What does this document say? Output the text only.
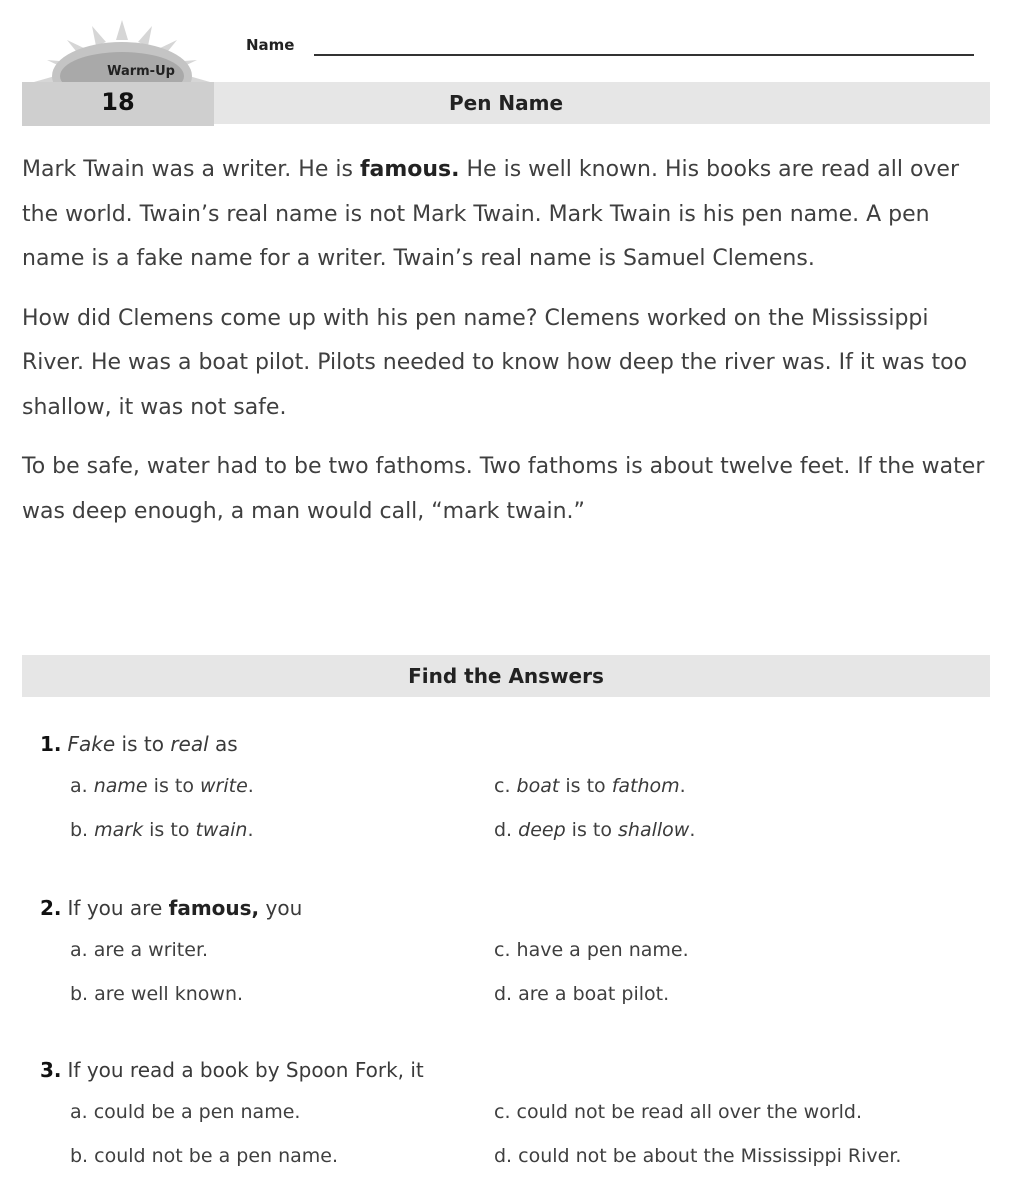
Warm-Up
Name
18	Pen Name

Mark Twain was a writer. He is famous. He is well known. His books are read all over the world. Twain’s real name is not Mark Twain. Mark Twain is his pen name. A pen name is a fake name for a writer. Twain’s real name is Samuel Clemens.

How did Clemens come up with his pen name? Clemens worked on the Mississippi River. He was a boat pilot. Pilots needed to know how deep the river was. If it was too shallow, it was not safe.

To be safe, water had to be two fathoms. Two fathoms is about twelve feet. If the water was deep enough, a man would call, “mark twain.”

Find the Answers
1. Fake is to real as
a. name is to write.	c. boat is to fathom.
b. mark is to twain.	d. deep is to shallow.
2. If you are famous, you
a. are a writer.	c. have a pen name.
b. are well known.	d. are a boat pilot.
3. If you read a book by Spoon Fork, it
a. could be a pen name.	c. could not be read all over the world.
b. could not be a pen name.	d. could not be about the Mississippi River.
